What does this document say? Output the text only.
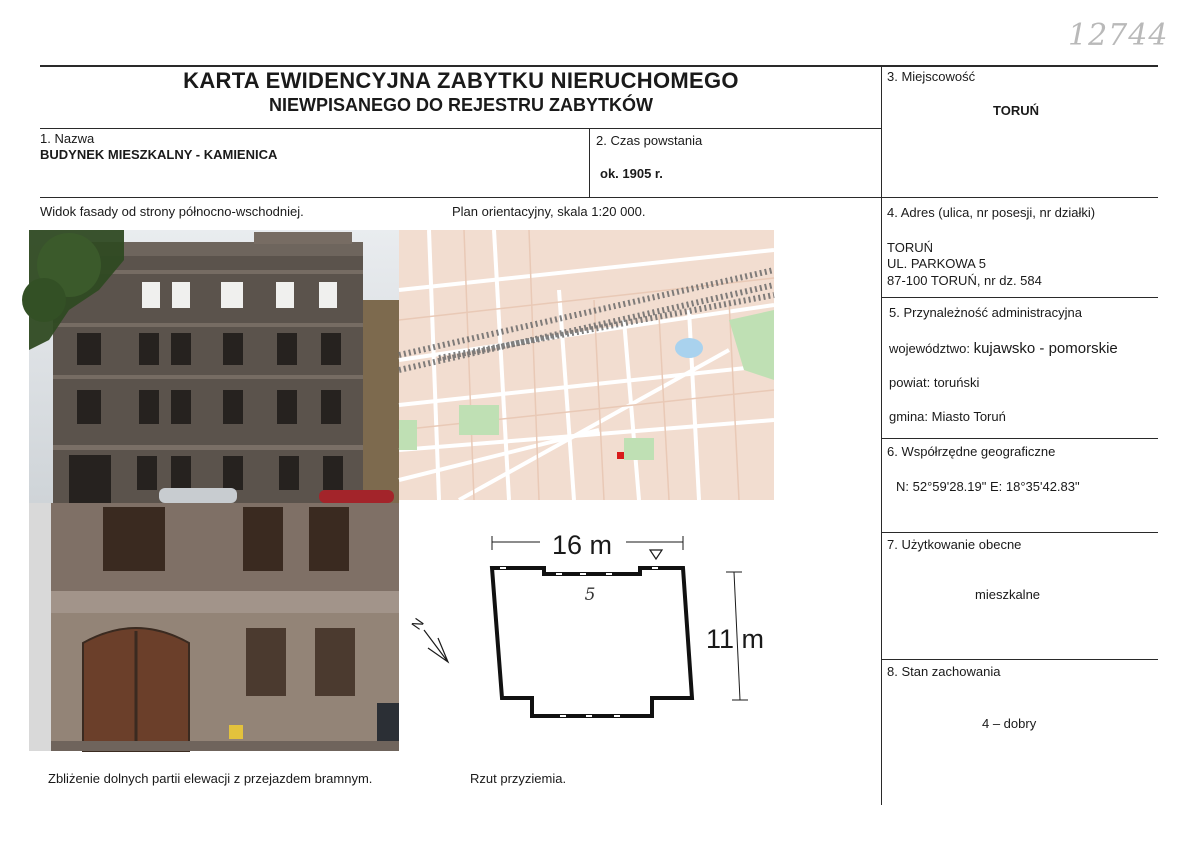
12744
KARTA EWIDENCYJNA ZABYTKU NIERUCHOMEGO
NIEWPISANEGO DO REJESTRU ZABYTKÓW
1. Nazwa
BUDYNEK MIESZKALNY - KAMIENICA
2. Czas powstania
ok. 1905 r.
3. Miejscowość
TORUŃ
4. Adres (ulica, nr posesji, nr działki)
TORUŃ
UL. PARKOWA 5
87-100 TORUŃ, nr dz. 584
5. Przynależność administracyjna
województwo: kujawsko - pomorskie
powiat: toruński
gmina: Miasto Toruń
6. Współrzędne geograficzne
N: 52°59'28.19" E: 18°35'42.83"
7. Użytkowanie obecne
mieszkalne
8. Stan zachowania
4 – dobry
Widok fasady od strony północno-wschodniej.	Plan orientacyjny, skala 1:20 000.
Zbliżenie dolnych partii elewacji z przejazdem bramnym.	Rzut przyziemia.
16 m
5
11 m
N
